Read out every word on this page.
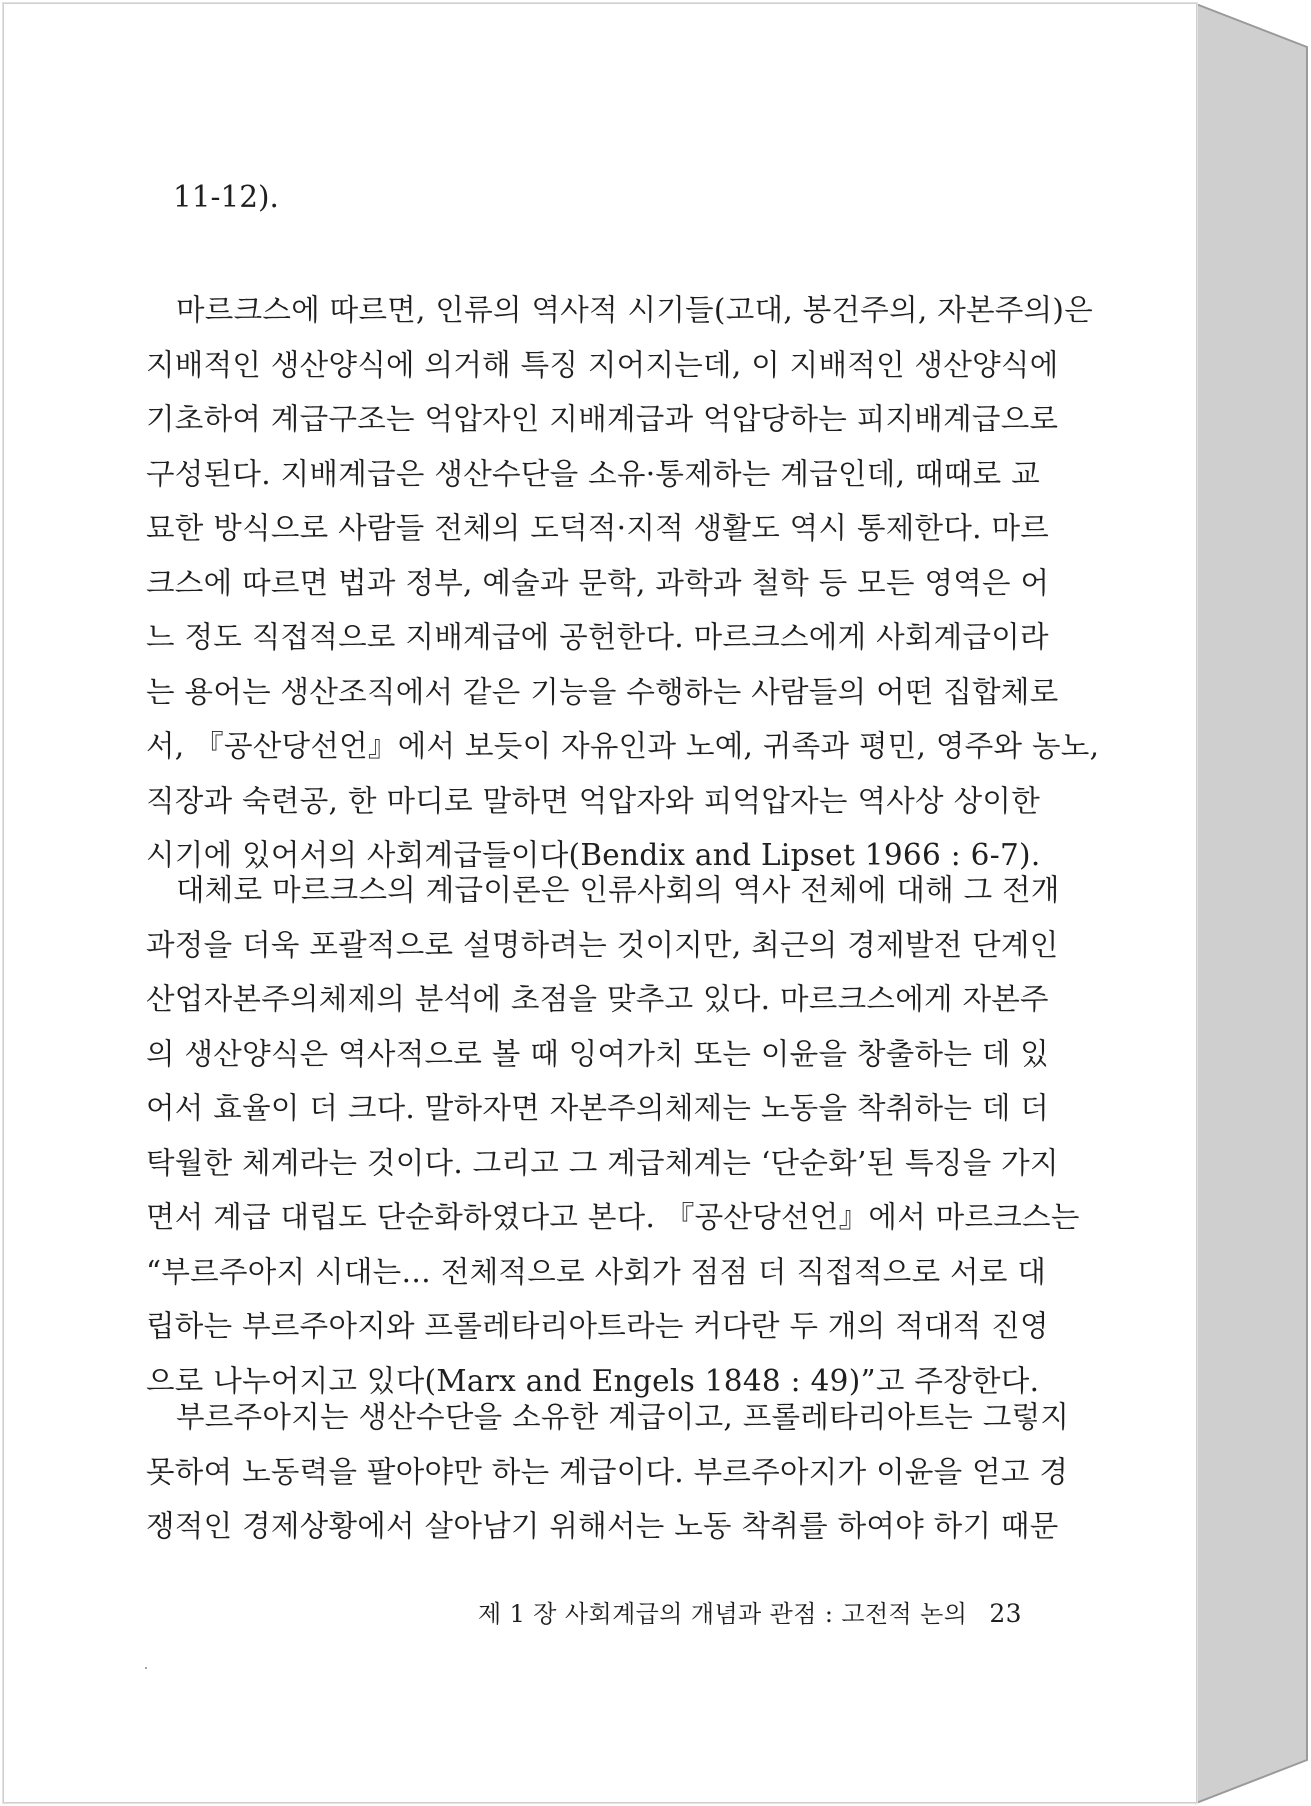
11-12).
마르크스에 따르면, 인류의 역사적 시기들(고대, 봉건주의, 자본주의)은
지배적인 생산양식에 의거해 특징 지어지는데, 이 지배적인 생산양식에
기초하여 계급구조는 억압자인 지배계급과 억압당하는 피지배계급으로
구성된다. 지배계급은 생산수단을 소유·통제하는 계급인데, 때때로 교
묘한 방식으로 사람들 전체의 도덕적·지적 생활도 역시 통제한다. 마르
크스에 따르면 법과 정부, 예술과 문학, 과학과 철학 등 모든 영역은 어
느 정도 직접적으로 지배계급에 공헌한다. 마르크스에게 사회계급이라
는 용어는 생산조직에서 같은 기능을 수행하는 사람들의 어떤 집합체로
서, 『공산당선언』에서 보듯이 자유인과 노예, 귀족과 평민, 영주와 농노,
직장과 숙련공, 한 마디로 말하면 억압자와 피억압자는 역사상 상이한
시기에 있어서의 사회계급들이다(Bendix and Lipset 1966 : 6-7).
대체로 마르크스의 계급이론은 인류사회의 역사 전체에 대해 그 전개
과정을 더욱 포괄적으로 설명하려는 것이지만, 최근의 경제발전 단계인
산업자본주의체제의 분석에 초점을 맞추고 있다. 마르크스에게 자본주
의 생산양식은 역사적으로 볼 때 잉여가치 또는 이윤을 창출하는 데 있
어서 효율이 더 크다. 말하자면 자본주의체제는 노동을 착취하는 데 더
탁월한 체계라는 것이다. 그리고 그 계급체계는 ‘단순화’된 특징을 가지
면서 계급 대립도 단순화하였다고 본다. 『공산당선언』에서 마르크스는
“부르주아지 시대는… 전체적으로 사회가 점점 더 직접적으로 서로 대
립하는 부르주아지와 프롤레타리아트라는 커다란 두 개의 적대적 진영
으로 나누어지고 있다(Marx and Engels 1848 : 49)”고 주장한다.
부르주아지는 생산수단을 소유한 계급이고, 프롤레타리아트는 그렇지
못하여 노동력을 팔아야만 하는 계급이다. 부르주아지가 이윤을 얻고 경
쟁적인 경제상황에서 살아남기 위해서는 노동 착취를 하여야 하기 때문
제 1 장 사회계급의 개념과 관점 : 고전적 논의 23
